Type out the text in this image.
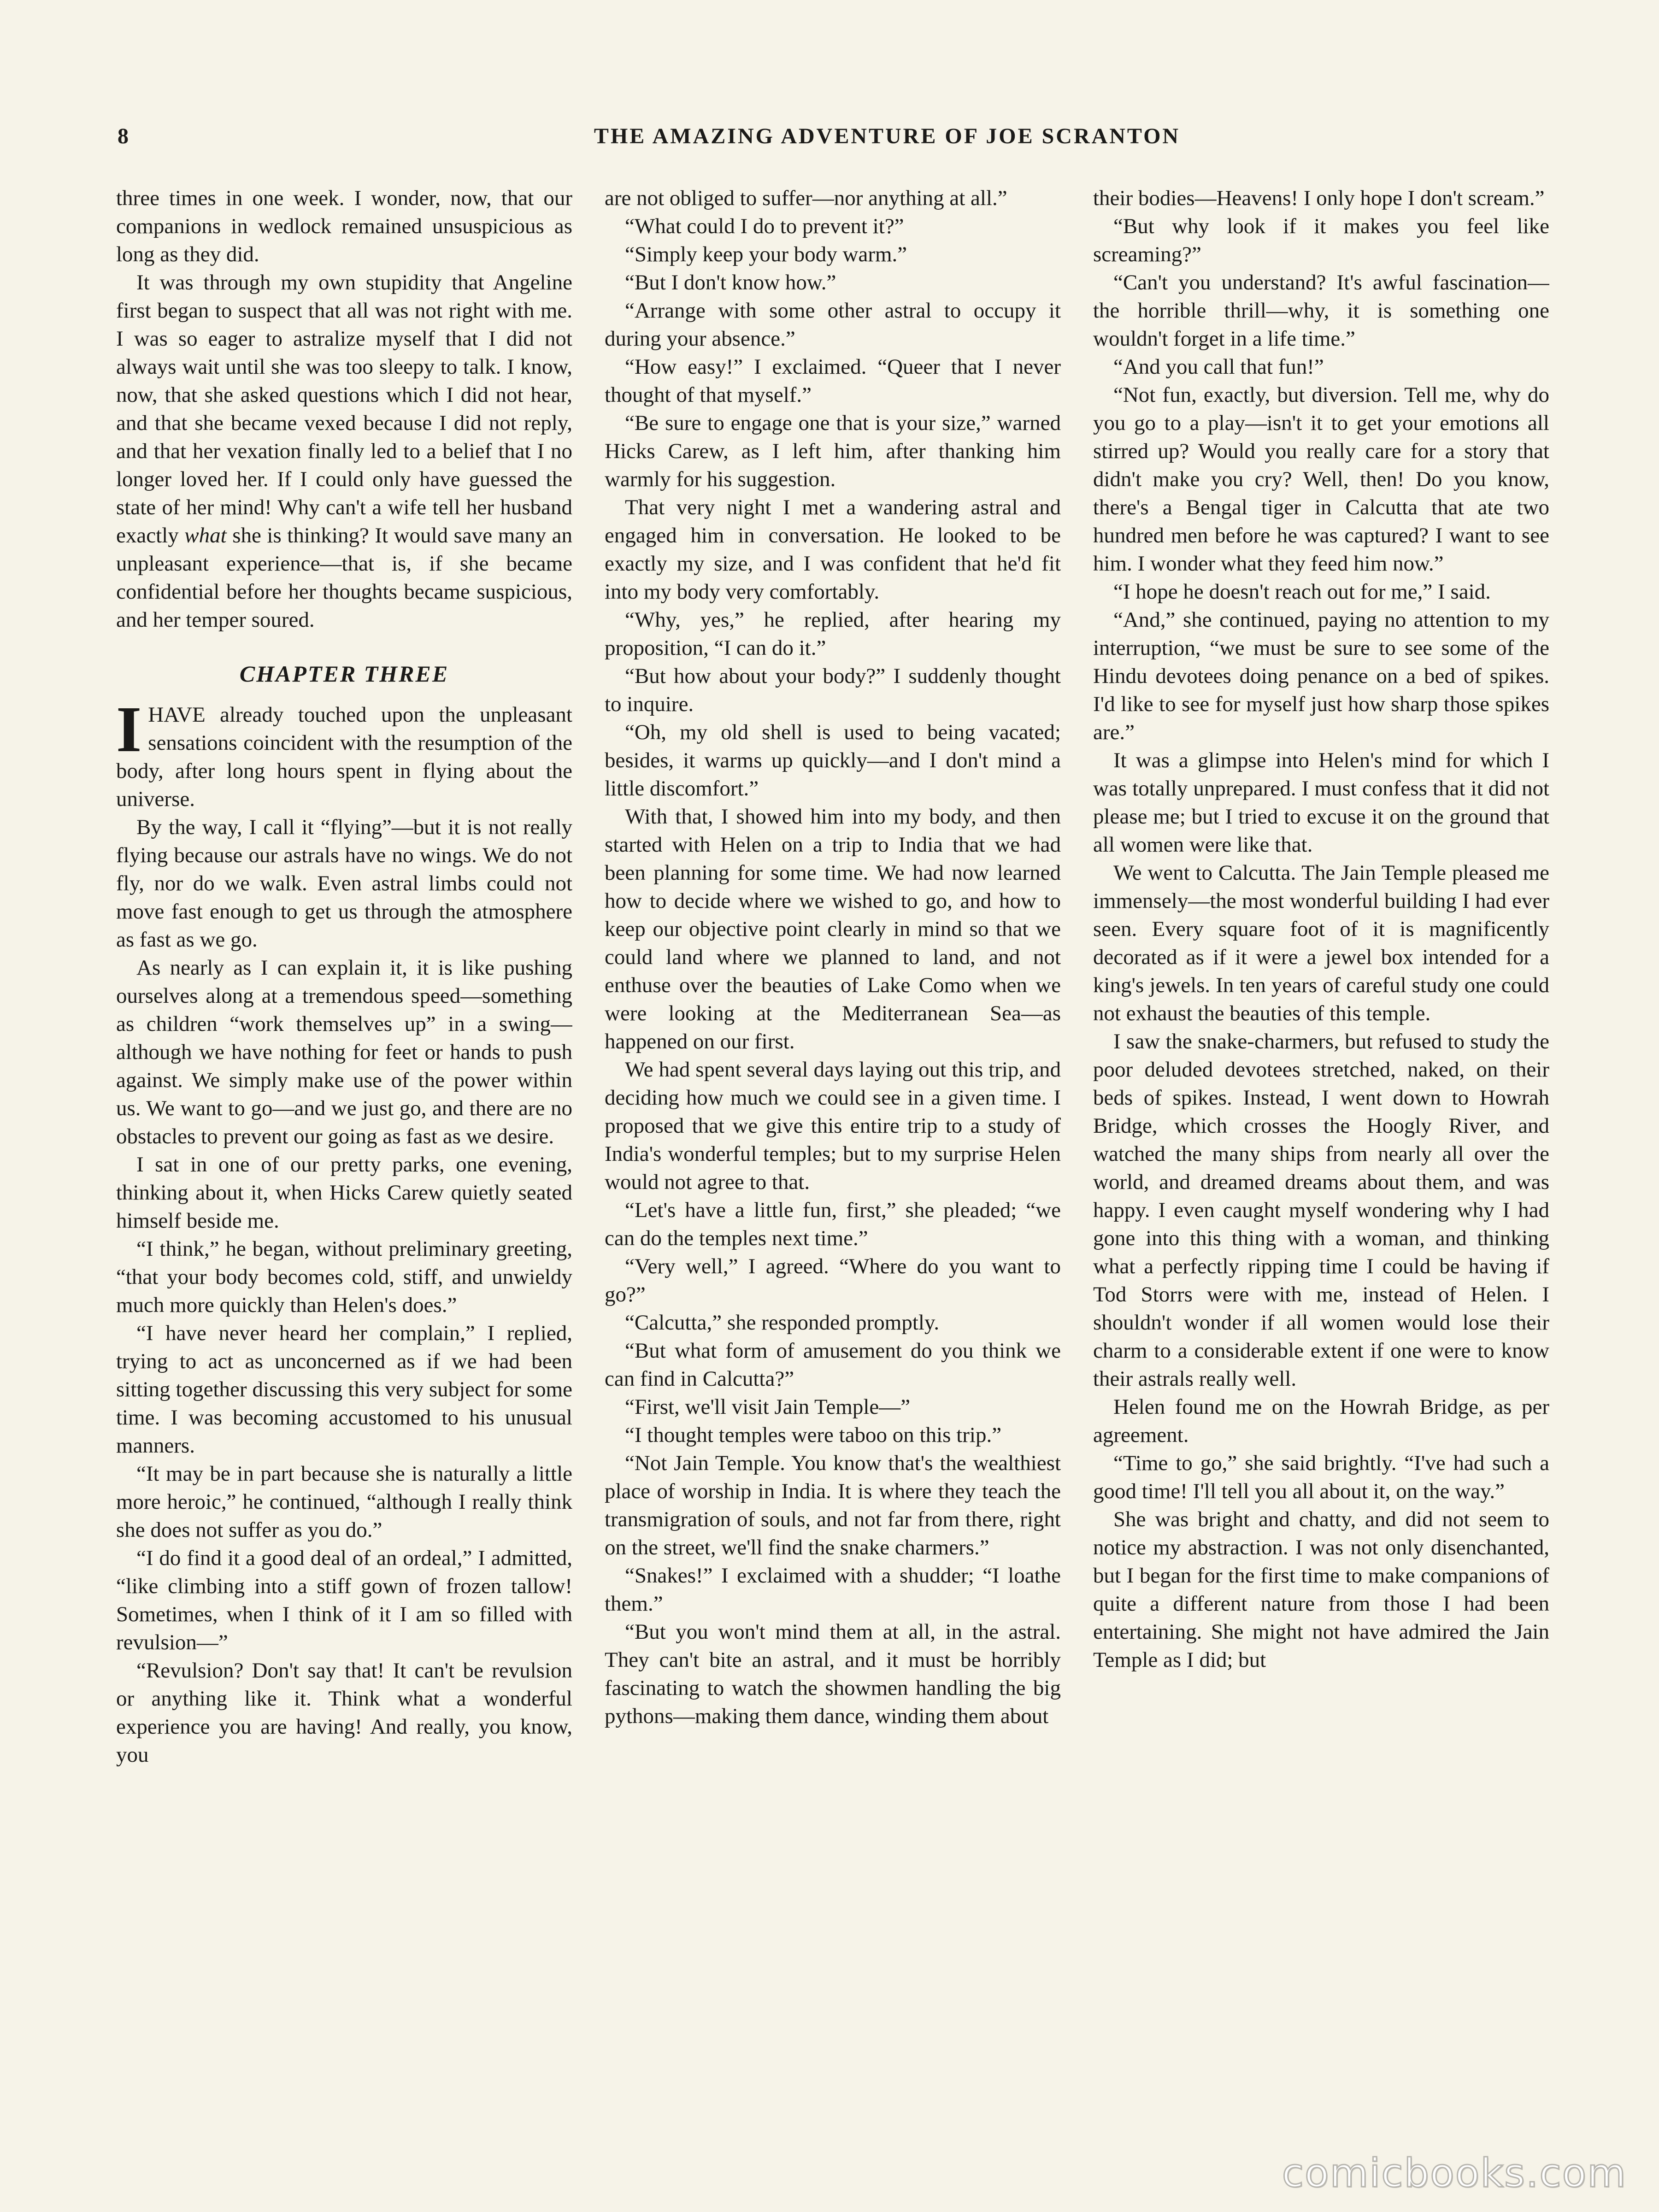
8	THE AMAZING ADVENTURE OF JOE SCRANTON

three times in one week. I wonder, now, that our companions in wedlock remained unsuspicious as long as they did.

It was through my own stupidity that Angeline first began to suspect that all was not right with me. I was so eager to astralize myself that I did not always wait until she was too sleepy to talk. I know, now, that she asked questions which I did not hear, and that she became vexed because I did not reply, and that her vexation finally led to a belief that I no longer loved her. If I could only have guessed the state of her mind! Why can't a wife tell her husband exactly what she is thinking? It would save many an unpleasant experience—that is, if she became confidential before her thoughts became suspicious, and her temper soured.

CHAPTER THREE

IHAVE already touched upon the unpleasant sensations coincident with the resumption of the body, after long hours spent in flying about the universe.

By the way, I call it “flying”—but it is not really flying because our astrals have no wings. We do not fly, nor do we walk. Even astral limbs could not move fast enough to get us through the atmosphere as fast as we go.

As nearly as I can explain it, it is like pushing ourselves along at a tremendous speed—something as children “work themselves up” in a swing—although we have nothing for feet or hands to push against. We simply make use of the power within us. We want to go—and we just go, and there are no obstacles to prevent our going as fast as we desire.

I sat in one of our pretty parks, one evening, thinking about it, when Hicks Carew quietly seated himself beside me.

“I think,” he began, without preliminary greeting, “that your body becomes cold, stiff, and unwieldy much more quickly than Helen's does.”

“I have never heard her complain,” I replied, trying to act as unconcerned as if we had been sitting together discussing this very subject for some time. I was becoming accustomed to his unusual manners.

“It may be in part because she is naturally a little more heroic,” he continued, “although I really think she does not suffer as you do.”

“I do find it a good deal of an ordeal,” I admitted, “like climbing into a stiff gown of frozen tallow! Sometimes, when I think of it I am so filled with revulsion—”

“Revulsion? Don't say that! It can't be revulsion or anything like it. Think what a wonderful experience you are having! And really, you know, you

are not obliged to suffer—nor anything at all.”

“What could I do to prevent it?”

“Simply keep your body warm.”

“But I don't know how.”

“Arrange with some other astral to occupy it during your absence.”

“How easy!” I exclaimed. “Queer that I never thought of that myself.”

“Be sure to engage one that is your size,” warned Hicks Carew, as I left him, after thanking him warmly for his suggestion.

That very night I met a wandering astral and engaged him in conversation. He looked to be exactly my size, and I was confident that he'd fit into my body very comfortably.

“Why, yes,” he replied, after hearing my proposition, “I can do it.”

“But how about your body?” I suddenly thought to inquire.

“Oh, my old shell is used to being vacated; besides, it warms up quickly—and I don't mind a little discomfort.”

With that, I showed him into my body, and then started with Helen on a trip to India that we had been planning for some time. We had now learned how to decide where we wished to go, and how to keep our objective point clearly in mind so that we could land where we planned to land, and not enthuse over the beauties of Lake Como when we were looking at the Mediterranean Sea—as happened on our first.

We had spent several days laying out this trip, and deciding how much we could see in a given time. I proposed that we give this entire trip to a study of India's wonderful temples; but to my surprise Helen would not agree to that.

“Let's have a little fun, first,” she pleaded; “we can do the temples next time.”

“Very well,” I agreed. “Where do you want to go?”

“Calcutta,” she responded promptly.

“But what form of amusement do you think we can find in Calcutta?”

“First, we'll visit Jain Temple—”

“I thought temples were taboo on this trip.”

“Not Jain Temple. You know that's the wealthiest place of worship in India. It is where they teach the transmigration of souls, and not far from there, right on the street, we'll find the snake charmers.”

“Snakes!” I exclaimed with a shudder; “I loathe them.”

“But you won't mind them at all, in the astral. They can't bite an astral, and it must be horribly fascinating to watch the showmen handling the big pythons—making them dance, winding them about

their bodies—Heavens! I only hope I don't scream.”

“But why look if it makes you feel like screaming?”

“Can't you understand? It's awful fascination—the horrible thrill—why, it is something one wouldn't forget in a life time.”

“And you call that fun!”

“Not fun, exactly, but diversion. Tell me, why do you go to a play—isn't it to get your emotions all stirred up? Would you really care for a story that didn't make you cry? Well, then! Do you know, there's a Bengal tiger in Calcutta that ate two hundred men before he was captured? I want to see him. I wonder what they feed him now.”

“I hope he doesn't reach out for me,” I said.

“And,” she continued, paying no attention to my interruption, “we must be sure to see some of the Hindu devotees doing penance on a bed of spikes. I'd like to see for myself just how sharp those spikes are.”

It was a glimpse into Helen's mind for which I was totally unprepared. I must confess that it did not please me; but I tried to excuse it on the ground that all women were like that.

We went to Calcutta. The Jain Temple pleased me immensely—the most wonderful building I had ever seen. Every square foot of it is magnificently decorated as if it were a jewel box intended for a king's jewels. In ten years of careful study one could not exhaust the beauties of this temple.

I saw the snake-charmers, but refused to study the poor deluded devotees stretched, naked, on their beds of spikes. Instead, I went down to Howrah Bridge, which crosses the Hoogly River, and watched the many ships from nearly all over the world, and dreamed dreams about them, and was happy. I even caught myself wondering why I had gone into this thing with a woman, and thinking what a perfectly ripping time I could be having if Tod Storrs were with me, instead of Helen. I shouldn't wonder if all women would lose their charm to a considerable extent if one were to know their astrals really well.

Helen found me on the Howrah Bridge, as per agreement.

“Time to go,” she said brightly. “I've had such a good time! I'll tell you all about it, on the way.”

She was bright and chatty, and did not seem to notice my abstraction. I was not only disenchanted, but I began for the first time to make companions of quite a different nature from those I had been entertaining. She might not have admired the Jain Temple as I did; but

comicbooks.com
